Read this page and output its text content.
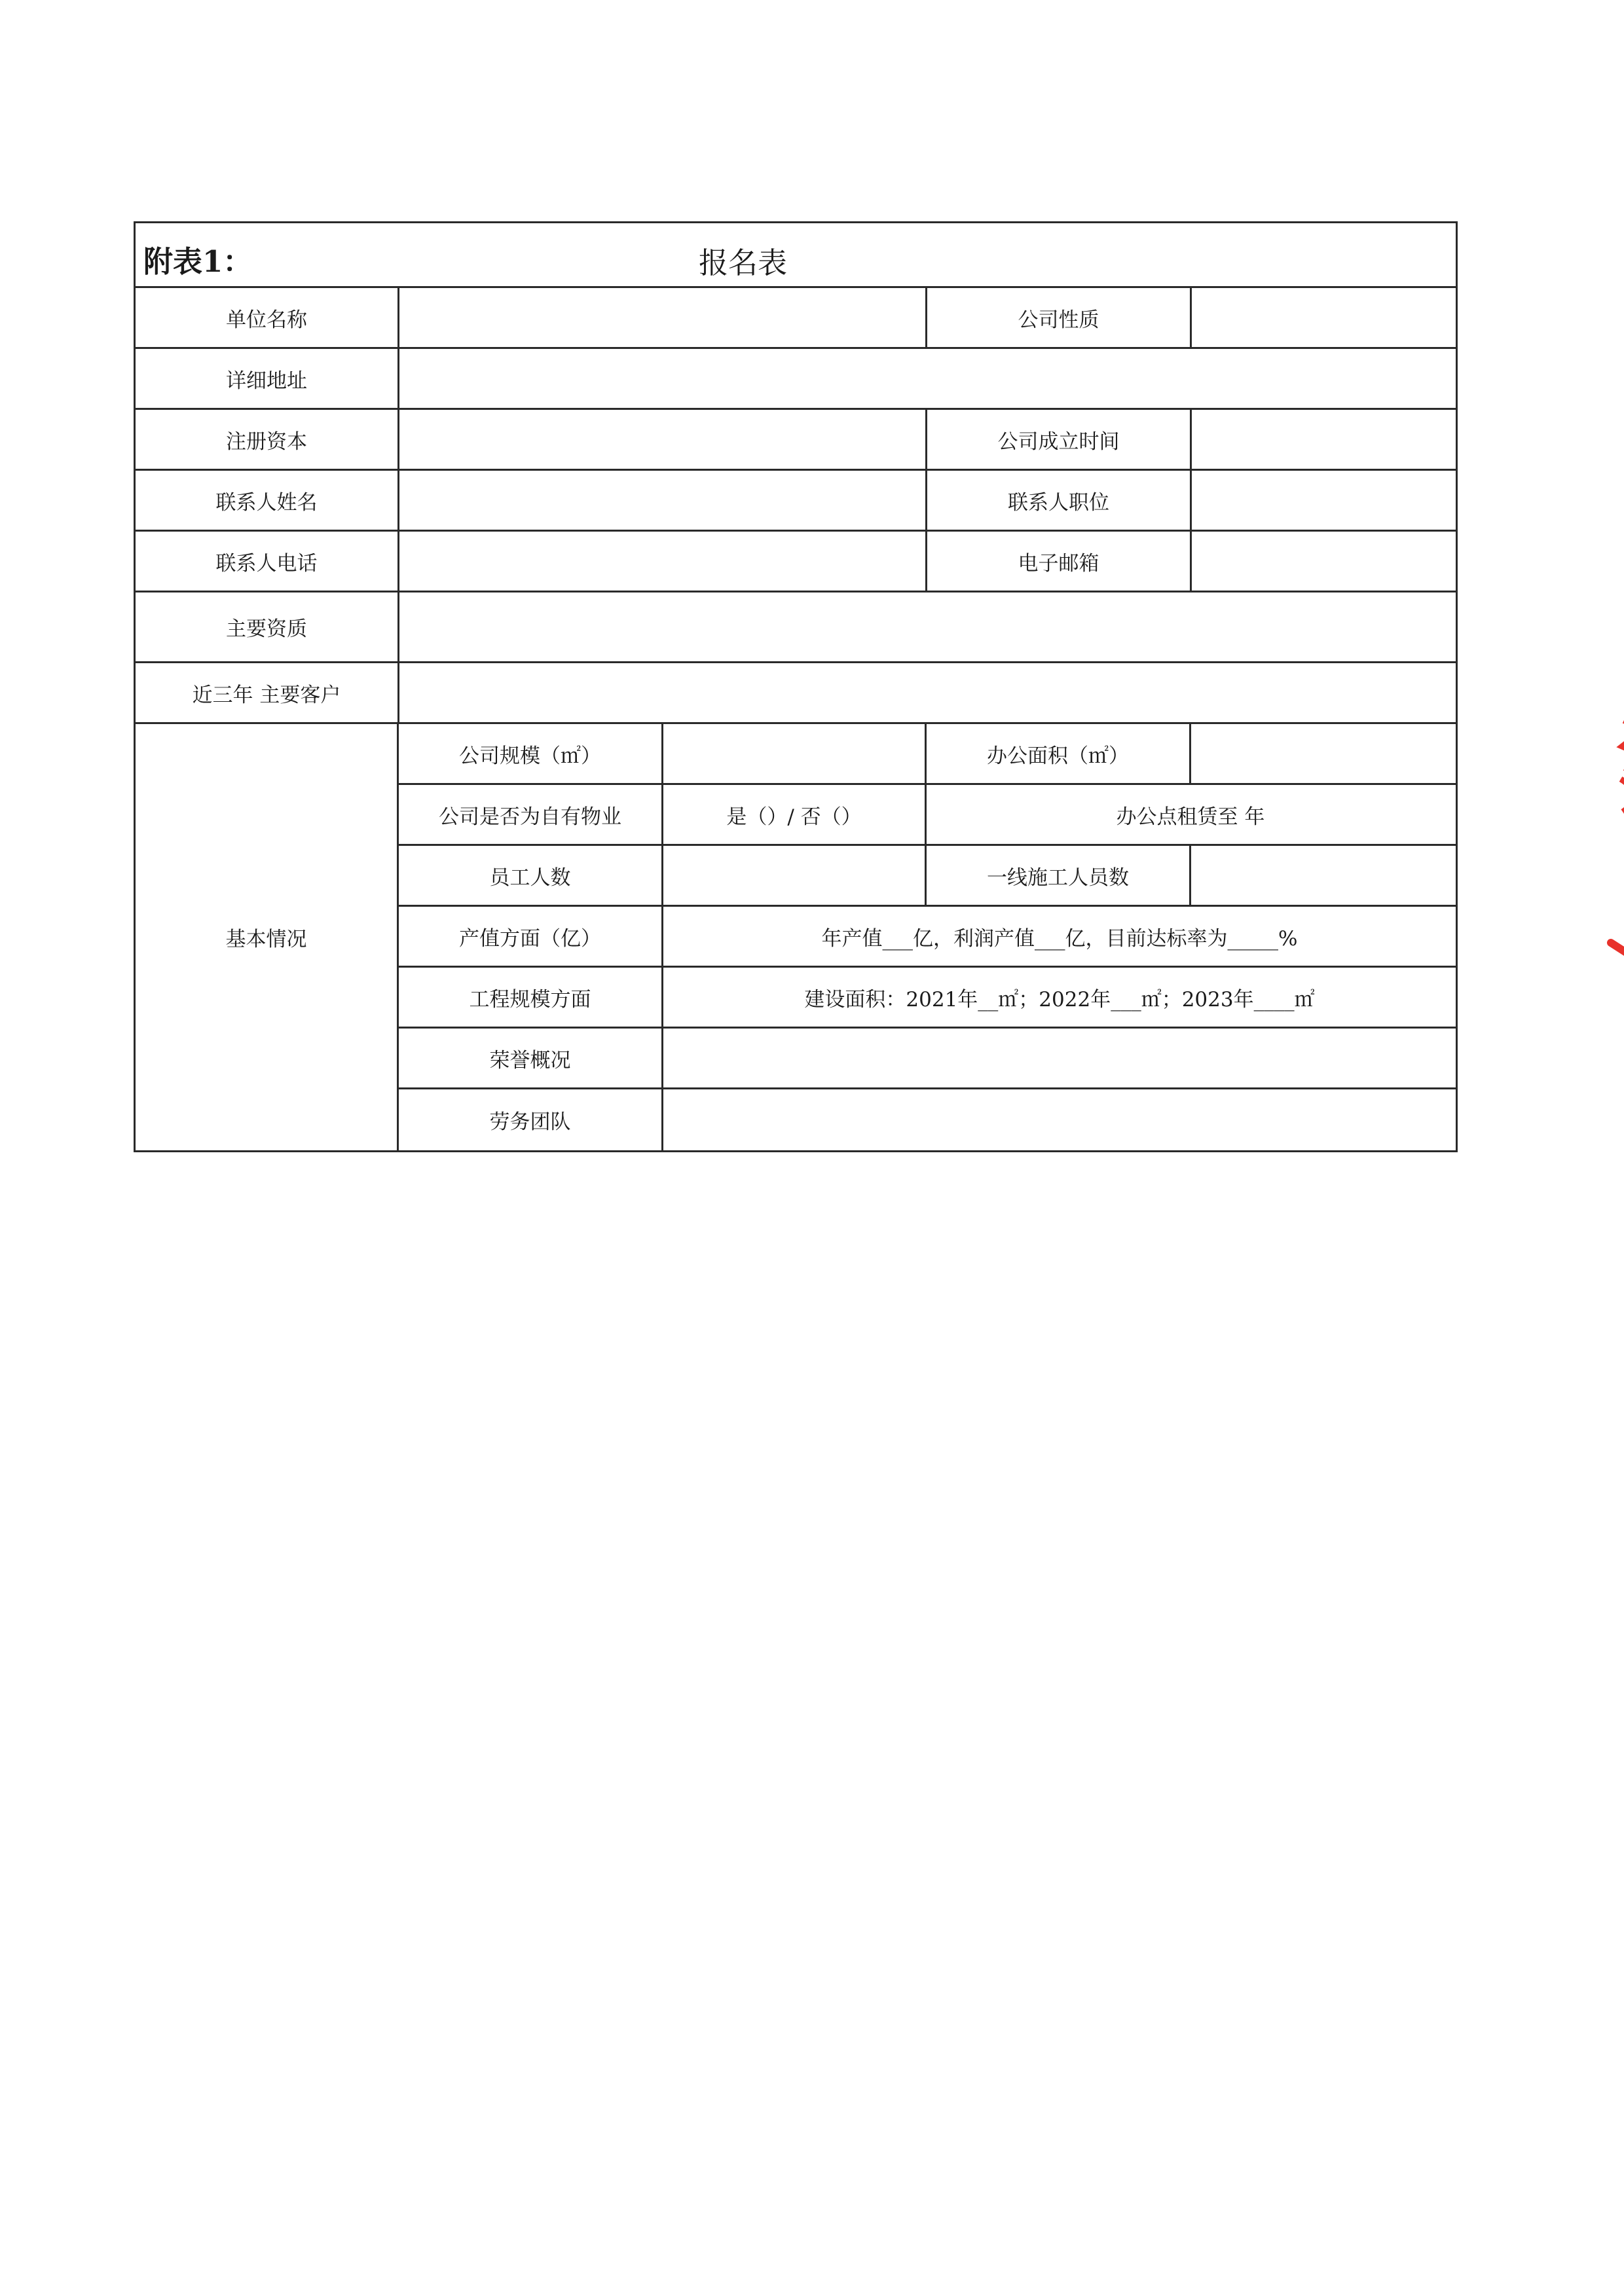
附表1：	报名表
单位名称	公司性质
详细地址
注册资本	公司成立时间
联系人姓名	联系人职位
联系人电话	电子邮箱
主要资质
近三年 主要客户
基本情况
公司规模（㎡）	办公面积（㎡）
公司是否为自有物业	是（）/ 否（）	办公点租赁至 年
员工人数	一线施工人员数
产值方面（亿）	年产值___亿，利润产值___亿，目前达标率为_____%
工程规模方面	建设面积：2021年__㎡；2022年___㎡；2023年____㎡
荣誉概况
劳务团队
